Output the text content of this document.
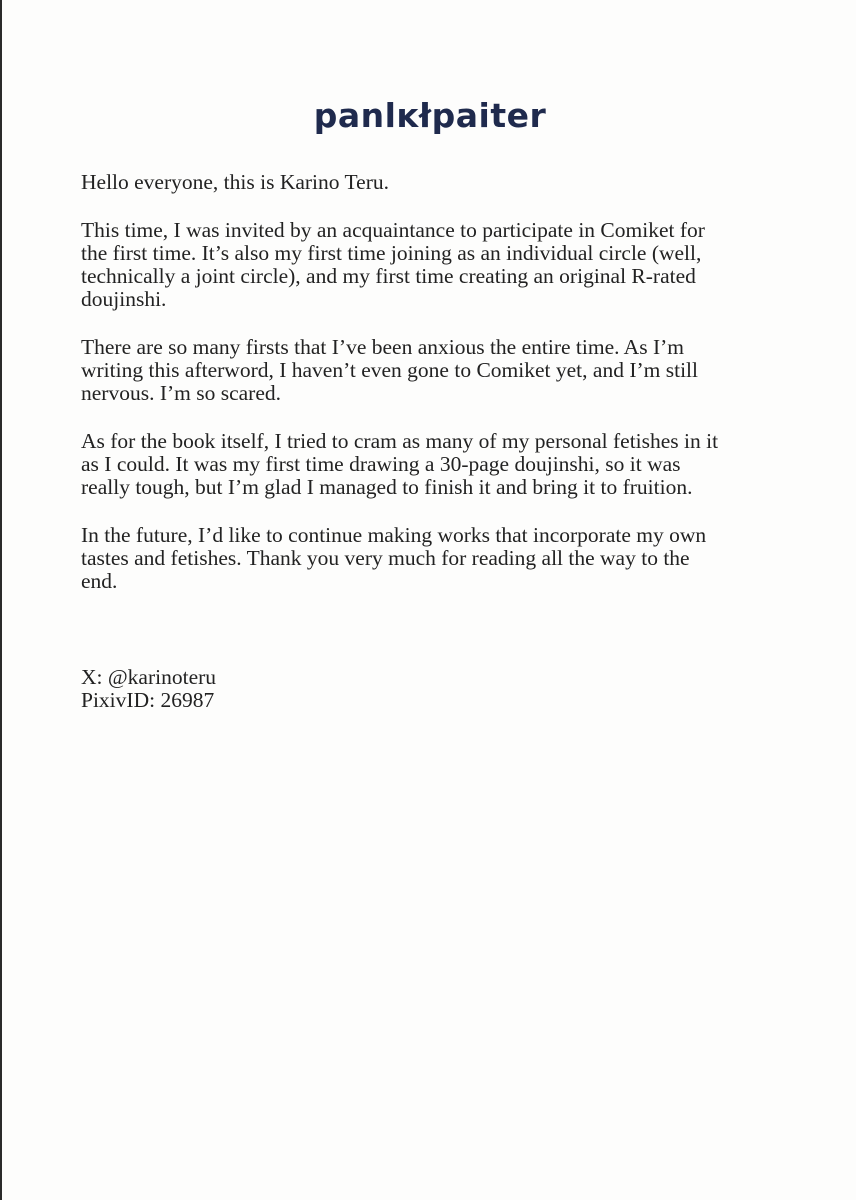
panlĸłpaiter

Hello everyone, this is Karino Teru.

This time, I was invited by an acquaintance to participate in Comiket for
the first time. It’s also my first time joining as an individual circle (well,
technically a joint circle), and my first time creating an original R-rated
doujinshi.

There are so many firsts that I’ve been anxious the entire time. As I’m
writing this afterword, I haven’t even gone to Comiket yet, and I’m still
nervous. I’m so scared.

As for the book itself, I tried to cram as many of my personal fetishes in it
as I could. It was my first time drawing a 30-page doujinshi, so it was
really tough, but I’m glad I managed to finish it and bring it to fruition.

In the future, I’d like to continue making works that incorporate my own
tastes and fetishes. Thank you very much for reading all the way to the
end.

X: @karinoteru
PixivID: 26987
